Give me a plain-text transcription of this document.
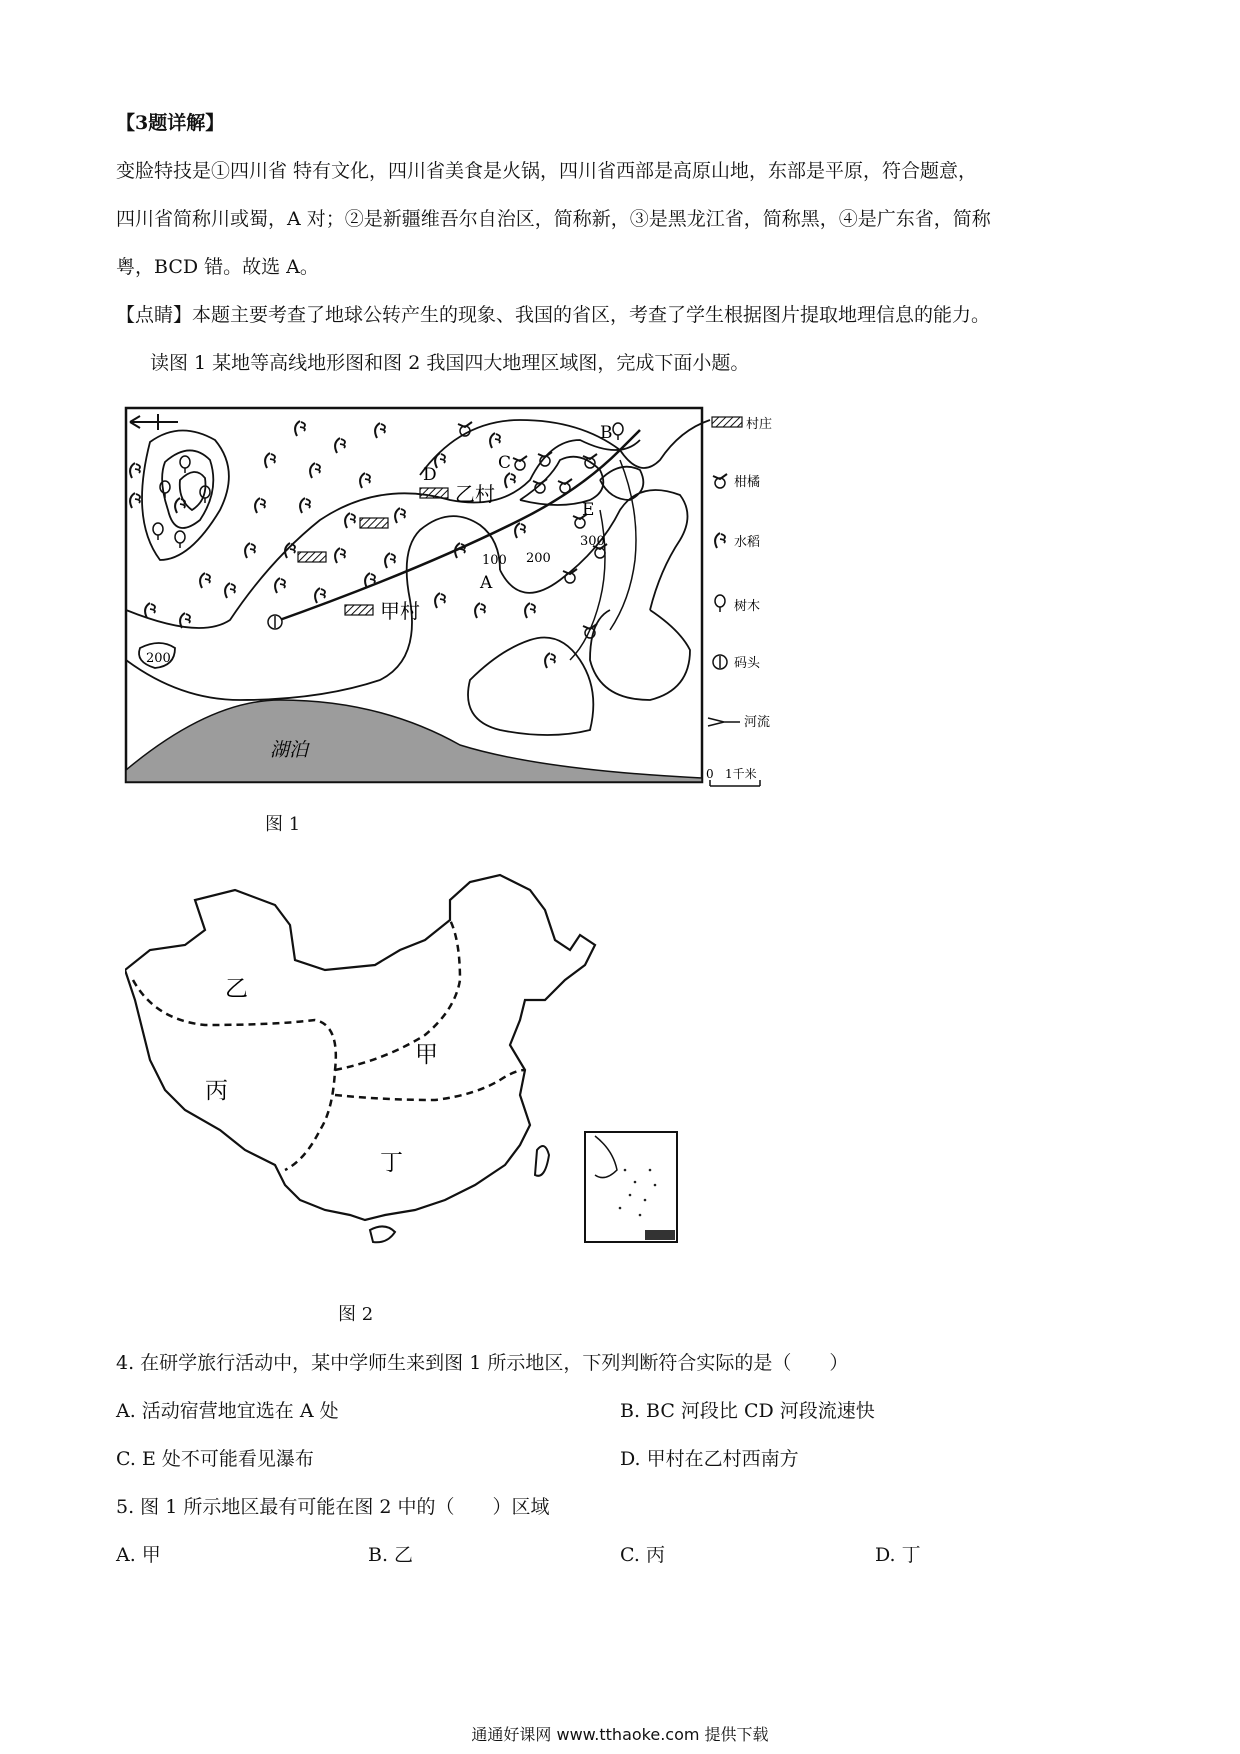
【3题详解】
变脸特技是①四川省 特有文化，四川省美食是火锅，四川省西部是高原山地，东部是平原，符合题意，
四川省简称川或蜀，A 对；②是新疆维吾尔自治区，简称新，③是黑龙江省，简称黑，④是广东省，简称
粤，BCD 错。故选 A。
【点睛】本题主要考查了地球公转产生的现象、我国的省区，考查了学生根据图片提取地理信息的能力。
读图 1 某地等高线地形图和图 2 我国四大地理区域图，完成下面小题。
湖泊
乙村
甲村
B
C
D
E
A
100 200
200
300
村庄
柑橘
水稻
树木
码头
河流
0 1千米
图 1
乙
丙
甲
丁
图 2
4. 在研学旅行活动中，某中学师生来到图 1 所示地区，下列判断符合实际的是（　　）
A. 活动宿营地宜选在 A 处	B. BC 河段比 CD 河段流速快
C. E 处不可能看见瀑布	D. 甲村在乙村西南方
5. 图 1 所示地区最有可能在图 2 中的（　　）区域
A. 甲	B. 乙	C. 丙	D. 丁
通通好课网 www.tthaoke.com 提供下载
